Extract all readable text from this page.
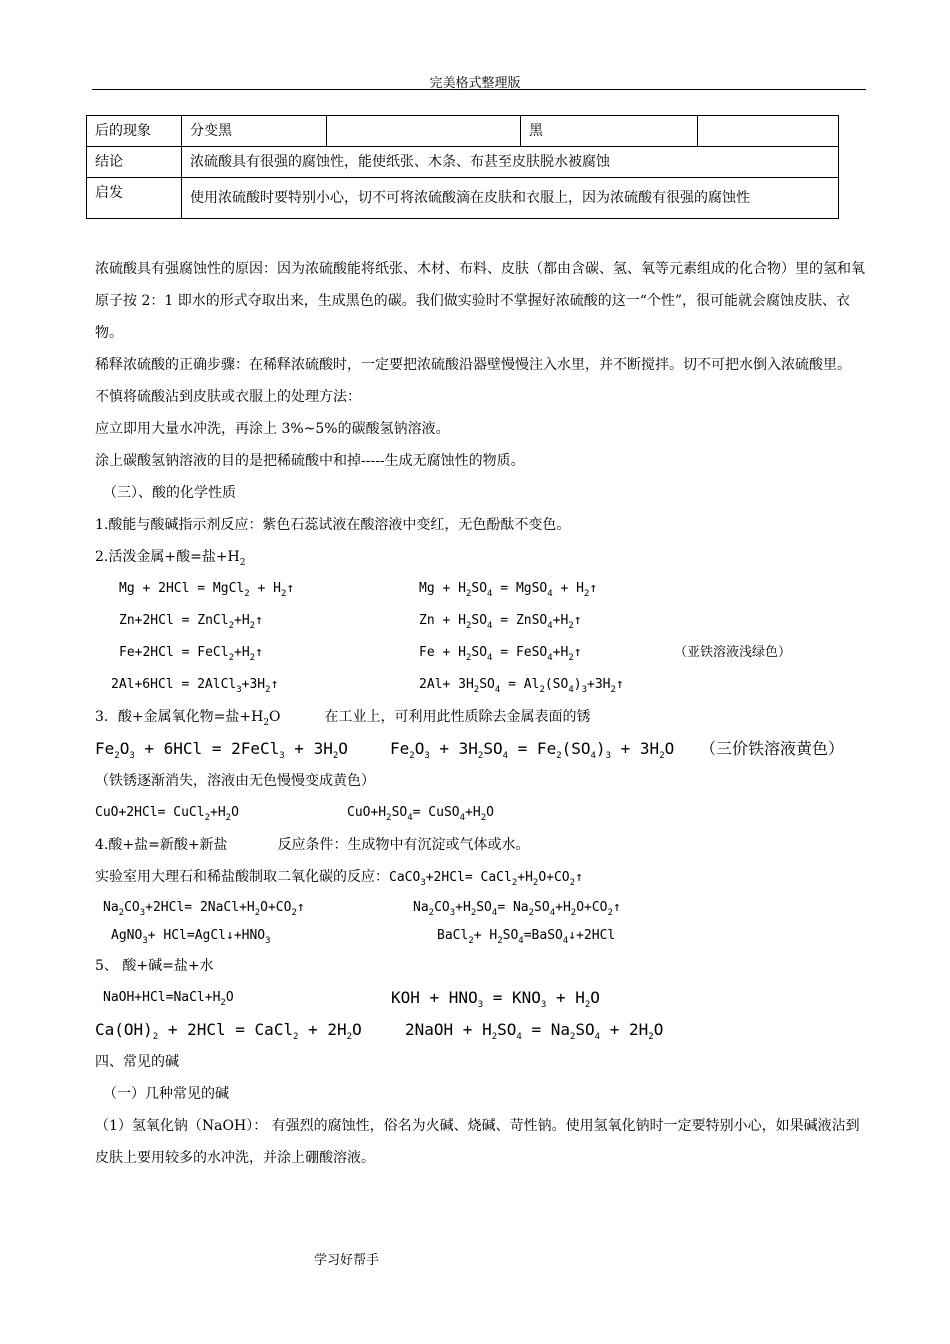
完美格式整理版
后的现象	分变黑		黑	
结论	浓硫酸具有很强的腐蚀性，能使纸张、木条、布甚至皮肤脱水被腐蚀			
启发	使用浓硫酸时要特别小心，切不可将浓硫酸滴在皮肤和衣服上，因为浓硫酸有很强的腐蚀性			

浓硫酸具有强腐蚀性的原因：因为浓硫酸能将纸张、木材、布料、皮肤（都由含碳、氢、氧等元素组成的化合物）里的氢和氧原子按 2：1 即水的形式夺取出来，生成黑色的碳。我们做实验时不掌握好浓硫酸的这一“个性”，很可能就会腐蚀皮肤、衣物。

稀释浓硫酸的正确步骤：在稀释浓硫酸时，一定要把浓硫酸沿器壁慢慢注入水里，并不断搅拌。切不可把水倒入浓硫酸里。

不慎将硫酸沾到皮肤或衣服上的处理方法：

应立即用大量水冲洗，再涂上 3%~5%的碳酸氢钠溶液。

涂上碳酸氢钠溶液的目的是把稀硫酸中和掉-----生成无腐蚀性的物质。

（三）、酸的化学性质

1.酸能与酸碱指示剂反应：紫色石蕊试液在酸溶液中变红，无色酚酞不变色。

2.活泼金属+酸=盐$+H_2$

Mg + 2HCl = MgCl$_2$ + $H_2↑$	$Mg + H_2SO_4$ = MgSO$_4$ + $H_2↑$
$Zn+2HCl = ZnCl_2+H_2↑$	$Zn + H_2SO_4$ = $ZnSO_4+H_2↑$
$Fe+2HCl = FeCl_2+H_2↑$	$Fe + H_2SO_4$ = $FeSO_4+H_2↑$	（亚铁溶液浅绿色）
$2Al+6HCl = 2AlCl_3+3H_2↑$	$2Al+ 3H_2SO_4$ = $Al_2(SO_4)_3+3H_2↑$

3．酸+金属氧化物=盐$+H_2O$	在工业上，可利用此性质除去金属表面的锈

$Fe_2O_3 + 6HCl$ = 2FeCl$_3$ + $3H_2O$	$Fe_2O_3 + 3H_2SO_4 = Fe_2(SO_4)_3 + 3H_2O$	（三价铁溶液黄色）

（铁锈逐渐消失，溶液由无色慢慢变成黄色）

$CuO+2HCl= CuCl_2+H_2O$	$CuO+H_2SO_4=$ $CuSO_4+H_2O$

4.酸+盐=新酸+新盐	反应条件：生成物中有沉淀或气体或水。

实验室用大理石和稀盐酸制取二氧化碳的反应：CaCO$_3$+2HCl= $CaCl_2+H_2O+CO_2↑$

$Na_2CO_3+2HCl=$ $2NaCl+H_2O+CO_2↑$	$Na_2CO_3+H_2SO_4=$ $Na_2SO_4+H_2O+CO_2↑$
AgNO$_3$+ $HCl=AgCl↓+HNO_3$	BaCl$_2$+ $H_2SO_4=BaSO_4↓+2HCl$

5、 酸+碱=盐+水

$NaOH+HCl=NaCl+H_2O$	KOH + $HNO_3 = KNO_3 + H_2O$
$Ca(OH)_2 + 2HCl$ = CaCl$_2$ + $2H_2O$	2NaOH + $H_2SO_4 = Na_2SO_4 + 2H_2O$

四、常见的碱

（一）几种常见的碱

（1）氢氧化钠（NaOH）： 有强烈的腐蚀性，俗名为火碱、烧碱、苛性钠。使用氢氧化钠时一定要特别小心，如果碱液沾到皮肤上要用较多的水冲洗，并涂上硼酸溶液。

学习好帮手
